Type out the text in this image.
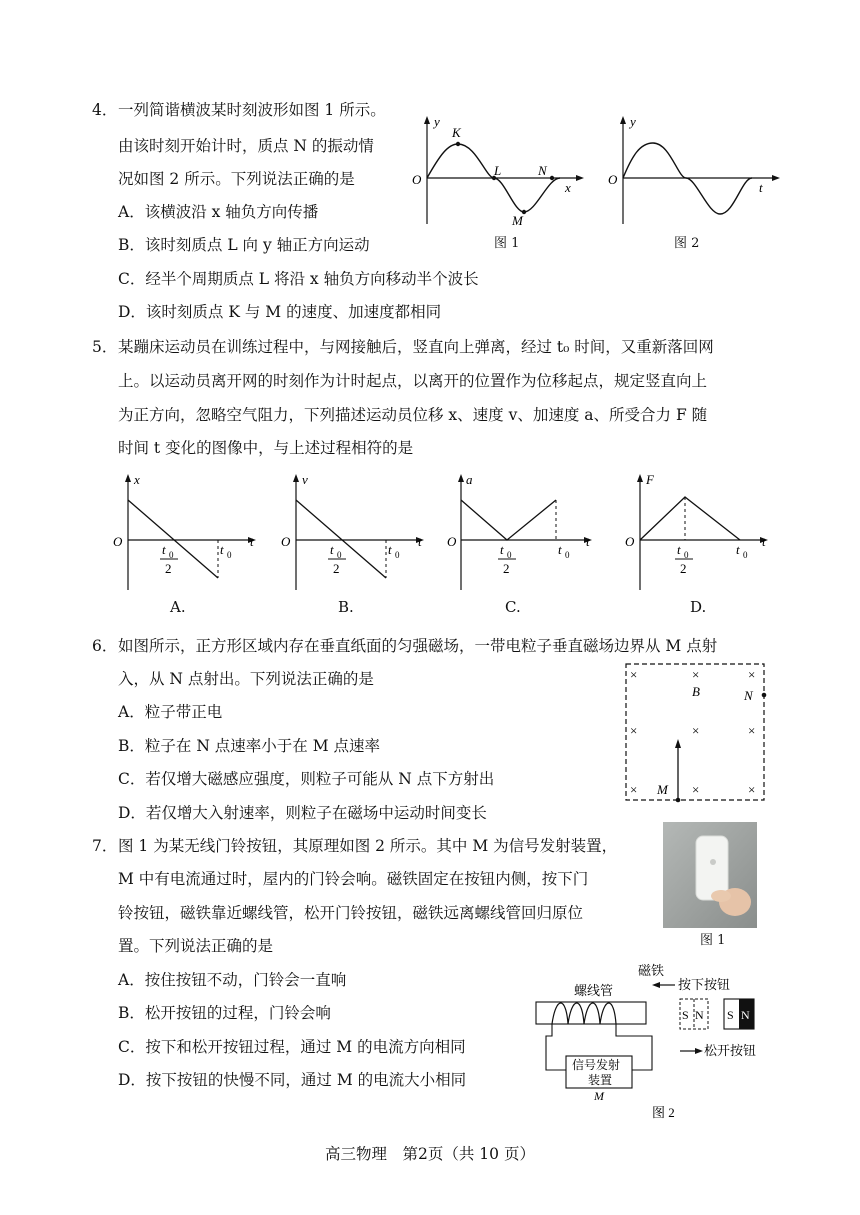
4． 一列简谐横波某时刻波形如图 1 所示。
由该时刻开始计时，质点 N 的振动情
况如图 2 所示。下列说法正确的是
A．该横波沿 x 轴负方向传播
B．该时刻质点 L 向 y 轴正方向运动
C．经半个周期质点 L 将沿 x 轴负方向移动半个波长
D．该时刻质点 K 与 M 的速度、加速度都相同
y
O
x
K
L	N
M
图 1
y
O
t
图 2
5． 某蹦床运动员在训练过程中，与网接触后，竖直向上弹离，经过 t₀ 时间，又重新落回网
上。以运动员离开网的时刻作为计时起点，以离开的位置作为位移起点，规定竖直向上
为正方向，忽略空气阻力，下列描述运动员位移 x、速度 v、加速度 a、所受合力 F 随
时间 t 变化的图像中，与上述过程相符的是
x
O	t
t 0
2
t 0
A.
v
O	t
t 0
2
t 0
B.
a
O	t
t 0
2
t 0
C.
F
O	t
t 0
2
t 0
D.
6． 如图所示，正方形区域内存在垂直纸面的匀强磁场，一带电粒子垂直磁场边界从 M 点射
入，从 N 点射出。下列说法正确的是
A．粒子带正电
B．粒子在 N 点速率小于在 M 点速率
C．若仅增大磁感应强度，则粒子可能从 N 点下方射出
D．若仅增大入射速率，则粒子在磁场中运动时间变长
×	×	×
×	×	×
×	×	×
B	N
M
7． 图 1 为某无线门铃按钮，其原理如图 2 所示。其中 M 为信号发射装置，
M 中有电流通过时，屋内的门铃会响。磁铁固定在按钮内侧，按下门
铃按钮，磁铁靠近螺线管，松开门铃按钮，磁铁远离螺线管回归原位
置。下列说法正确的是
A．按住按钮不动，门铃会一直响
B．松开按钮的过程，门铃会响
C．按下和松开按钮过程，通过 M 的电流方向相同
D．按下按钮的快慢不同，通过 M 的电流大小相同
图 1
螺线管
磁铁
按下按钮
信号发射
装置
M
S N S N
松开按钮
图 2
高三物理　第2页（共 10 页）
